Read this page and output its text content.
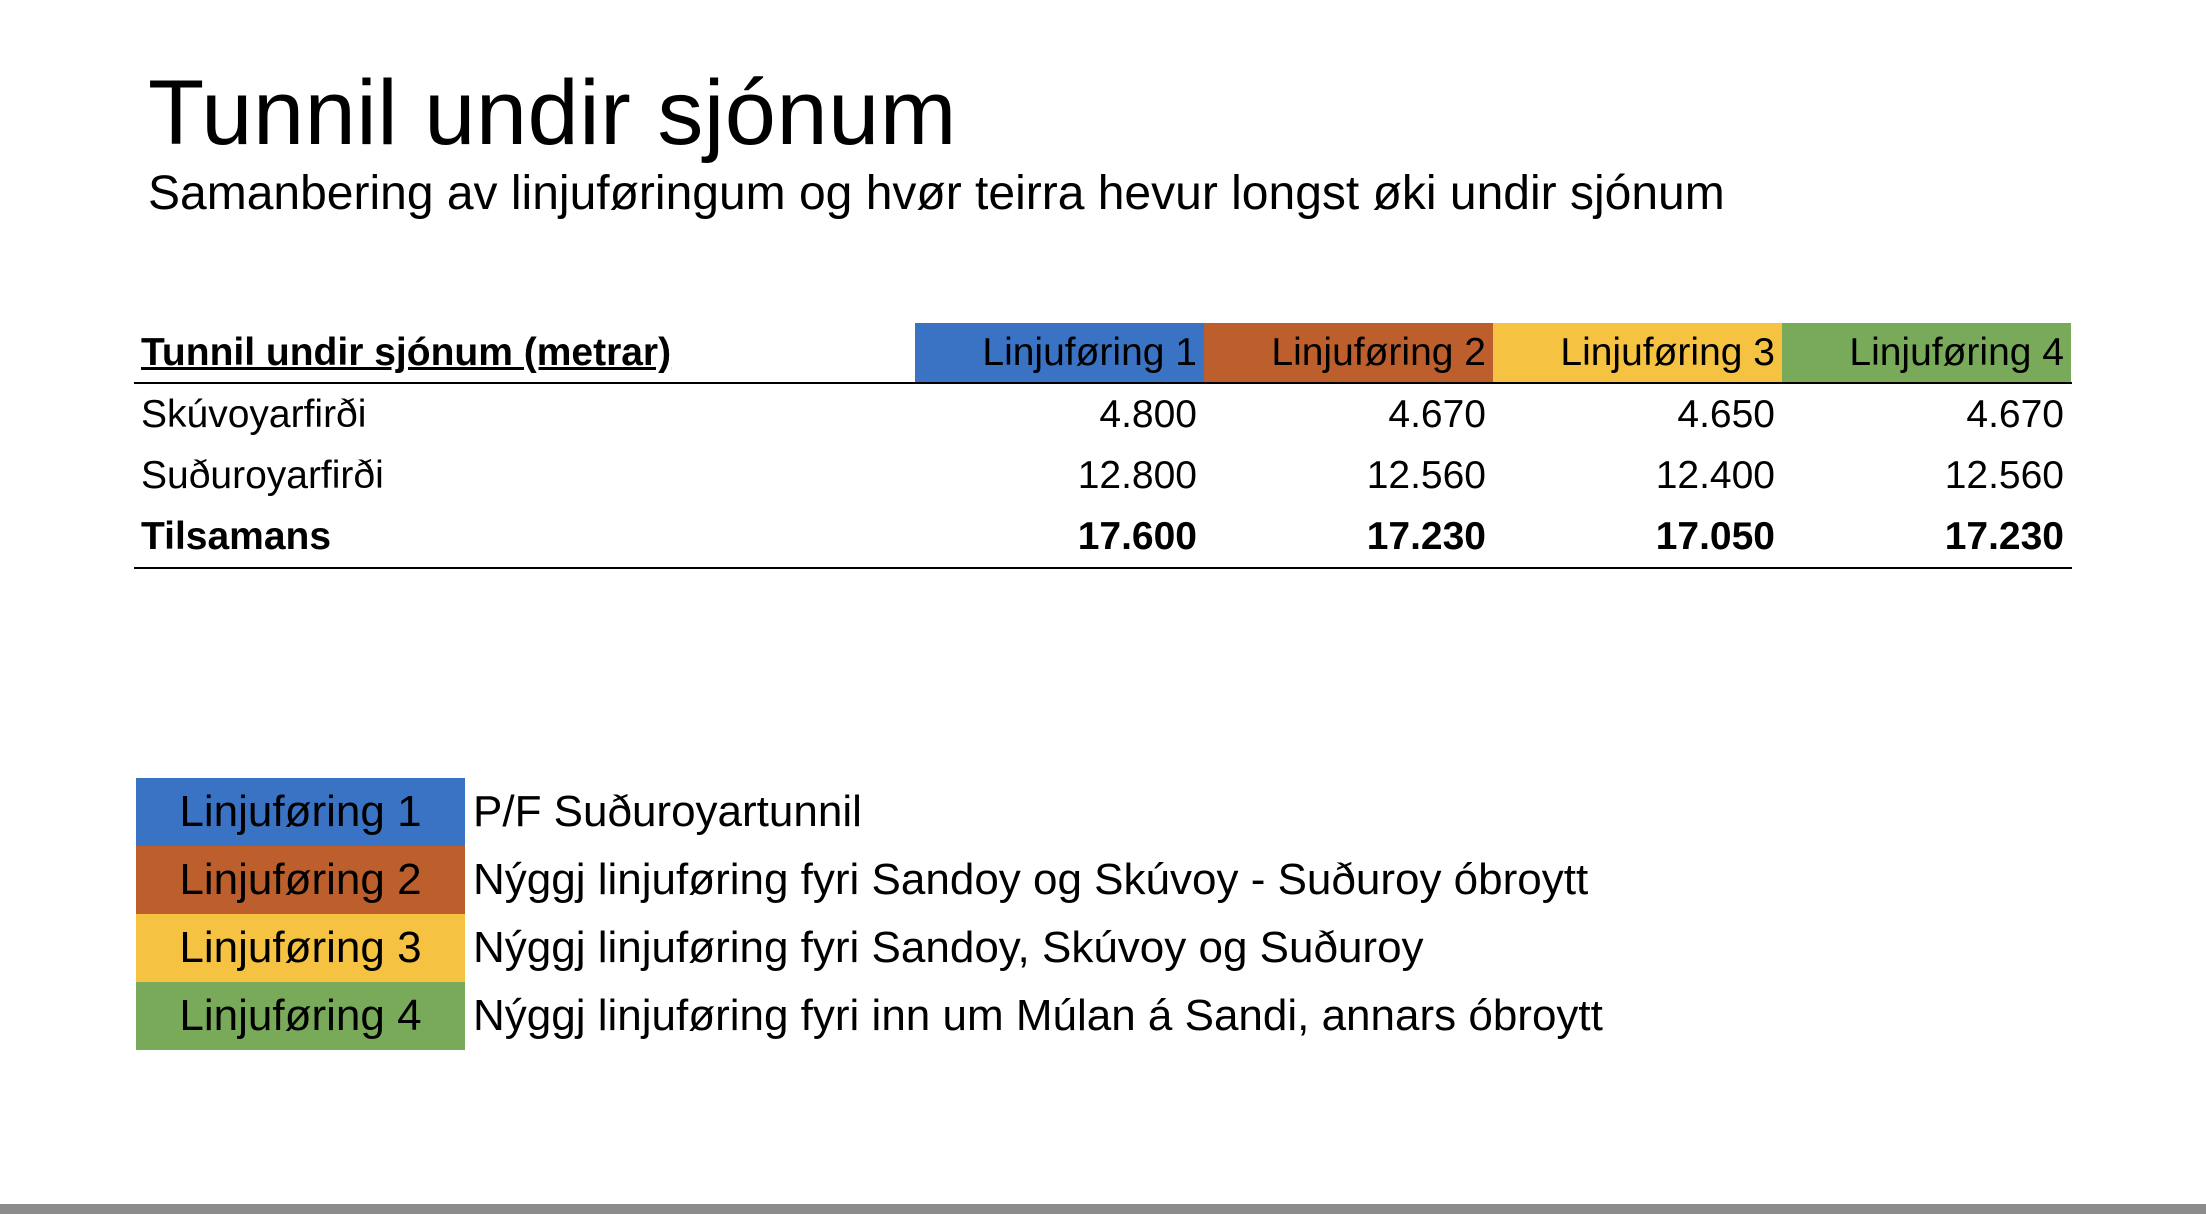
Tunnil undir sjónum
Samanbering av linjuføringum og hvør teirra hevur longst øki undir sjónum
Tunnil undir sjónum (metrar)	Linjuføring 1	Linjuføring 2	Linjuføring 3	Linjuføring 4
Skúvoyarfirði	4.800	4.670	4.650	4.670
Suðuroyarfirði	12.800	12.560	12.400	12.560
Tilsamans	17.600	17.230	17.050	17.230
Linjuføring 1	P/F Suðuroyartunnil
Linjuføring 2	Nýggj linjuføring fyri Sandoy og Skúvoy - Suðuroy óbroytt
Linjuføring 3	Nýggj linjuføring fyri Sandoy, Skúvoy og Suðuroy
Linjuføring 4	Nýggj linjuføring fyri inn um Múlan á Sandi, annars óbroytt
